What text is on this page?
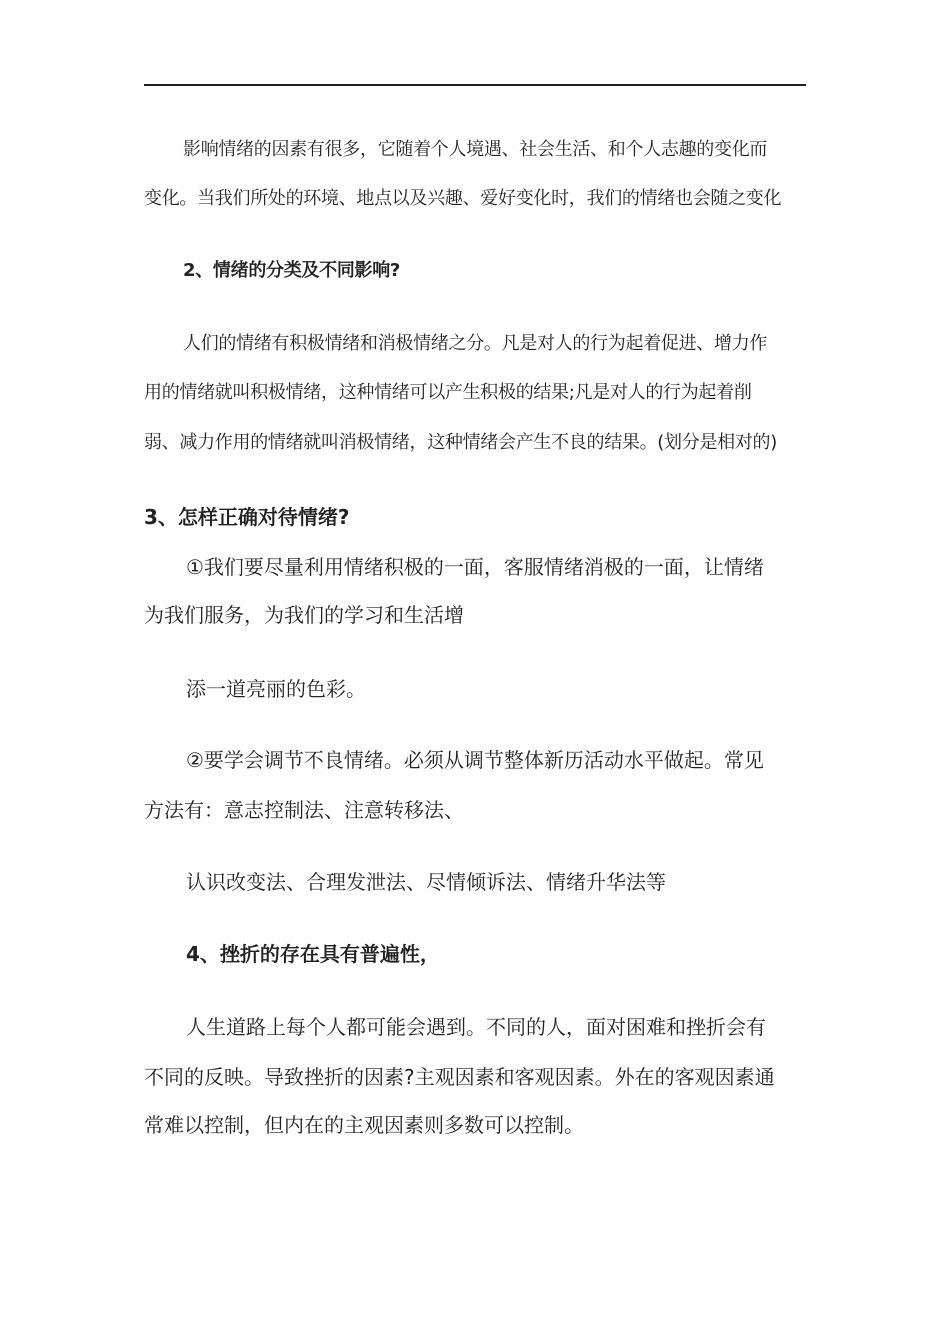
影响情绪的因素有很多，它随着个人境遇、社会生活、和个人志趣的变化而
变化。当我们所处的环境、地点以及兴趣、爱好变化时，我们的情绪也会随之变化
2、情绪的分类及不同影响?
人们的情绪有积极情绪和消极情绪之分。凡是对人的行为起着促进、增力作
用的情绪就叫积极情绪，这种情绪可以产生积极的结果;凡是对人的行为起着削
弱、减力作用的情绪就叫消极情绪，这种情绪会产生不良的结果。(划分是相对的)
3、怎样正确对待情绪?
①我们要尽量利用情绪积极的一面，客服情绪消极的一面，让情绪
为我们服务，为我们的学习和生活增
添一道亮丽的色彩。
②要学会调节不良情绪。必须从调节整体新历活动水平做起。常见
方法有：意志控制法、注意转移法、
认识改变法、合理发泄法、尽情倾诉法、情绪升华法等
4、挫折的存在具有普遍性，
人生道路上每个人都可能会遇到。不同的人，面对困难和挫折会有
不同的反映。导致挫折的因素?主观因素和客观因素。外在的客观因素通
常难以控制，但内在的主观因素则多数可以控制。
